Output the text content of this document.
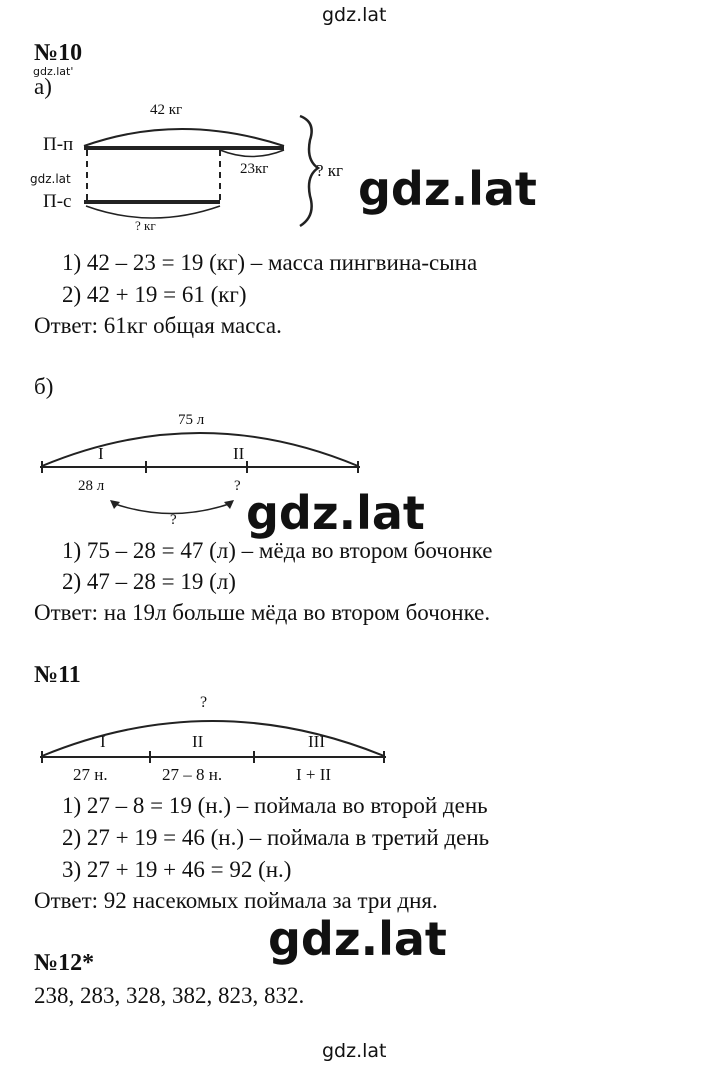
gdz.lat
№10
gdz.lat'
а)
42 кг
П-п
gdz.lat
П-с
23кг
? кг
? кг gdz.lat
1) 42 – 23 = 19 (кг) – масса пингвина-сына
2) 42 + 19 = 61 (кг)
Ответ: 61кг общая масса.
б)
75 л
I	II
28 л	?
? gdz.lat
1) 75 – 28 = 47 (л) – мёда во втором бочонке
2) 47 – 28 = 19 (л)
Ответ: на 19л больше мёда во втором бочонке.
№11
?
I	II	III
27 н.	27 – 8 н.	I + II
1) 27 – 8 = 19 (н.) – поймала во второй день
2) 27 + 19 = 46 (н.) – поймала в третий день
3) 27 + 19 + 46 = 92 (н.)
Ответ: 92 насекомых поймала за три дня.
gdz.lat
№12*
238, 283, 328, 382, 823, 832.
gdz.lat
